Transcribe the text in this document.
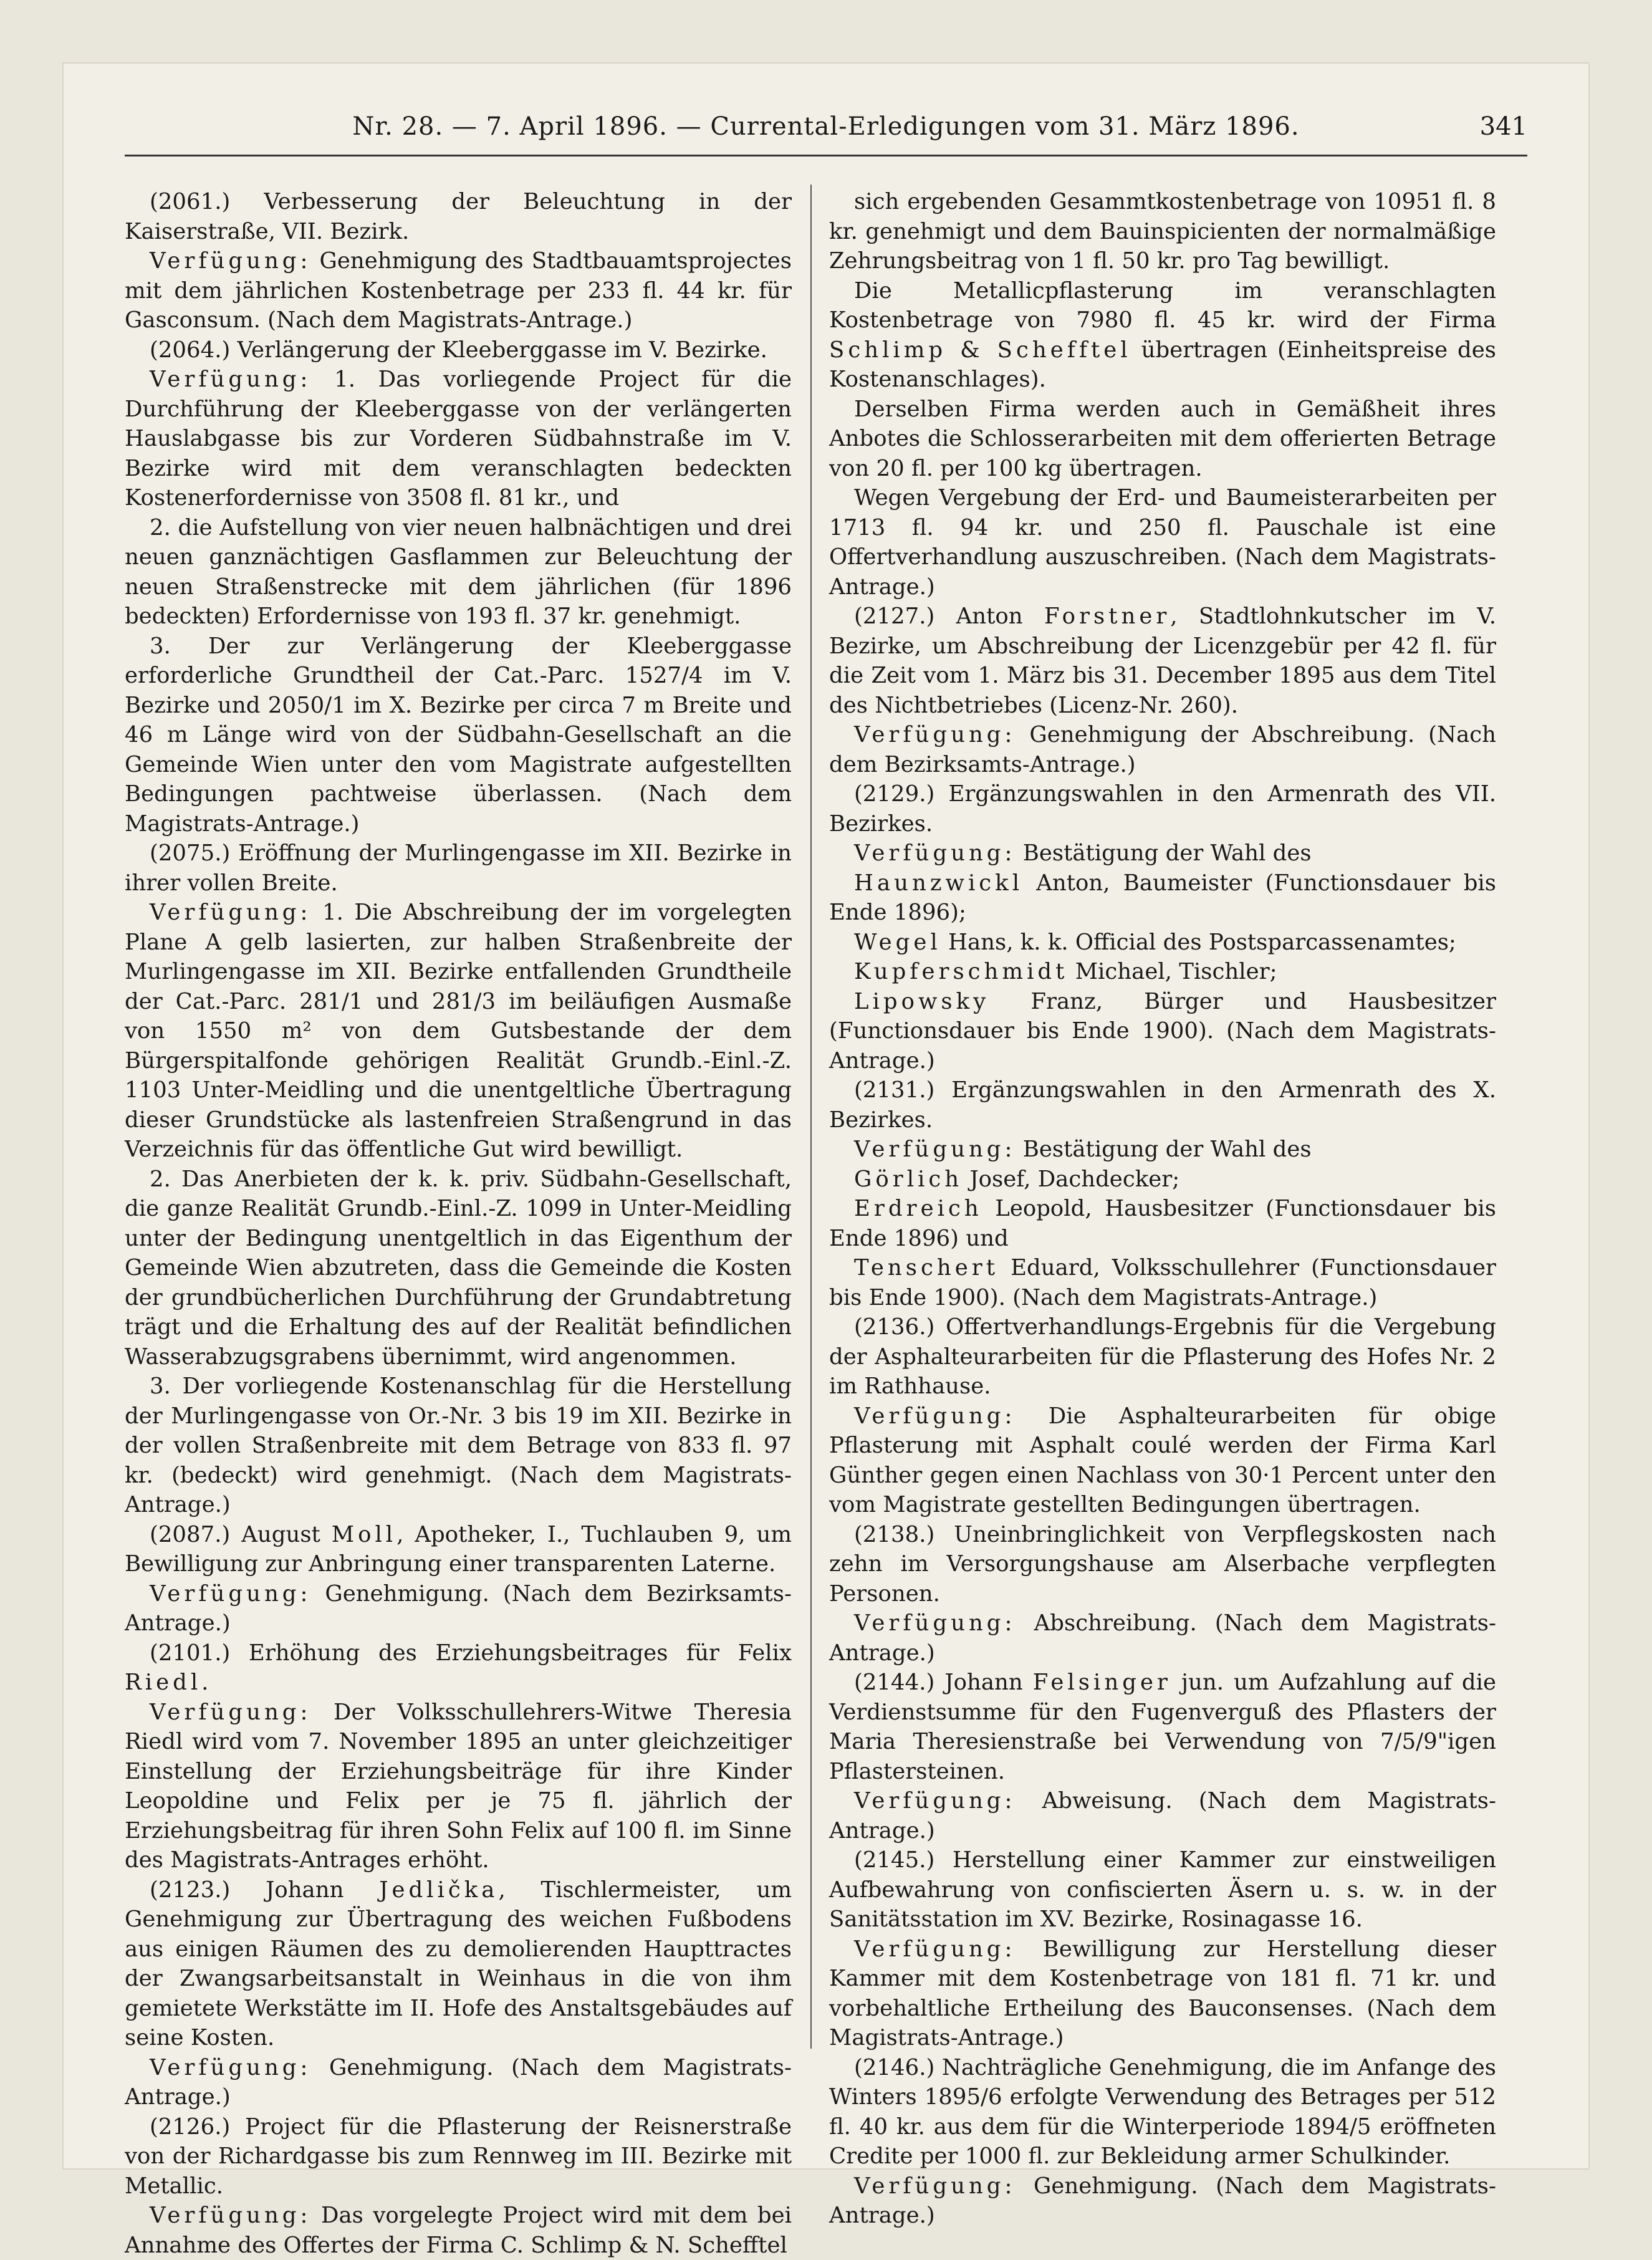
Nr. 28. — 7. April 1896. — Currental-Erledigungen vom 31. März 1896.	341

(2061.) Verbesserung der Beleuchtung in der Kaiserstraße, VII. Bezirk.

Verfügung: Genehmigung des Stadtbauamtsprojectes mit dem jährlichen Kostenbetrage per 233 fl. 44 kr. für Gasconsum. (Nach dem Magistrats-Antrage.)

(2064.) Verlängerung der Kleeberggasse im V. Bezirke.

Verfügung: 1. Das vorliegende Project für die Durchführung der Kleeberggasse von der verlängerten Hauslabgasse bis zur Vorderen Südbahnstraße im V. Bezirke wird mit dem veranschlagten bedeckten Kostenerfordernisse von 3508 fl. 81 kr., und

2. die Aufstellung von vier neuen halbnächtigen und drei neuen ganznächtigen Gasflammen zur Beleuchtung der neuen Straßenstrecke mit dem jährlichen (für 1896 bedeckten) Erfordernisse von 193 fl. 37 kr. genehmigt.

3. Der zur Verlängerung der Kleeberggasse erforderliche Grundtheil der Cat.-Parc. 1527/4 im V. Bezirke und 2050/1 im X. Bezirke per circa 7 m Breite und 46 m Länge wird von der Südbahn-Gesellschaft an die Gemeinde Wien unter den vom Magistrate aufgestellten Bedingungen pachtweise überlassen. (Nach dem Magistrats-Antrage.)

(2075.) Eröffnung der Murlingengasse im XII. Bezirke in ihrer vollen Breite.

Verfügung: 1. Die Abschreibung der im vorgelegten Plane A gelb lasierten, zur halben Straßenbreite der Murlingengasse im XII. Bezirke entfallenden Grundtheile der Cat.-Parc. 281/1 und 281/3 im beiläufigen Ausmaße von 1550 m² von dem Gutsbestande der dem Bürgerspitalfonde gehörigen Realität Grundb.-Einl.-Z. 1103 Unter-Meidling und die unentgeltliche Übertragung dieser Grundstücke als lastenfreien Straßengrund in das Verzeichnis für das öffentliche Gut wird bewilligt.

2. Das Anerbieten der k. k. priv. Südbahn-Gesellschaft, die ganze Realität Grundb.-Einl.-Z. 1099 in Unter-Meidling unter der Bedingung unentgeltlich in das Eigenthum der Gemeinde Wien abzutreten, dass die Gemeinde die Kosten der grundbücherlichen Durchführung der Grundabtretung trägt und die Erhaltung des auf der Realität befindlichen Wasserabzugsgrabens übernimmt, wird angenommen.

3. Der vorliegende Kostenanschlag für die Herstellung der Murlingengasse von Or.-Nr. 3 bis 19 im XII. Bezirke in der vollen Straßenbreite mit dem Betrage von 833 fl. 97 kr. (bedeckt) wird genehmigt. (Nach dem Magistrats-Antrage.)

(2087.) August Moll, Apotheker, I., Tuchlauben 9, um Bewilligung zur Anbringung einer transparenten Laterne.

Verfügung: Genehmigung. (Nach dem Bezirksamts-Antrage.)

(2101.) Erhöhung des Erziehungsbeitrages für Felix Riedl.

Verfügung: Der Volksschullehrers-Witwe Theresia Riedl wird vom 7. November 1895 an unter gleichzeitiger Einstellung der Erziehungsbeiträge für ihre Kinder Leopoldine und Felix per je 75 fl. jährlich der Erziehungsbeitrag für ihren Sohn Felix auf 100 fl. im Sinne des Magistrats-Antrages erhöht.

(2123.) Johann Jedlička, Tischlermeister, um Genehmigung zur Übertragung des weichen Fußbodens aus einigen Räumen des zu demolierenden Haupttractes der Zwangsarbeitsanstalt in Weinhaus in die von ihm gemietete Werkstätte im II. Hofe des Anstaltsgebäudes auf seine Kosten.

Verfügung: Genehmigung. (Nach dem Magistrats-Antrage.)

(2126.) Project für die Pflasterung der Reisnerstraße von der Richardgasse bis zum Rennweg im III. Bezirke mit Metallic.

Verfügung: Das vorgelegte Project wird mit dem bei Annahme des Offertes der Firma C. Schlimp & N. Schefftel

sich ergebenden Gesammtkostenbetrage von 10951 fl. 8 kr. genehmigt und dem Bauinspicienten der normalmäßige Zehrungsbeitrag von 1 fl. 50 kr. pro Tag bewilligt.

Die Metallicpflasterung im veranschlagten Kostenbetrage von 7980 fl. 45 kr. wird der Firma Schlimp & Schefftel übertragen (Einheitspreise des Kostenanschlages).

Derselben Firma werden auch in Gemäßheit ihres Anbotes die Schlosserarbeiten mit dem offerierten Betrage von 20 fl. per 100 kg übertragen.

Wegen Vergebung der Erd- und Baumeisterarbeiten per 1713 fl. 94 kr. und 250 fl. Pauschale ist eine Offertverhandlung auszuschreiben. (Nach dem Magistrats-Antrage.)

(2127.) Anton Forstner, Stadtlohnkutscher im V. Bezirke, um Abschreibung der Licenzgebür per 42 fl. für die Zeit vom 1. März bis 31. December 1895 aus dem Titel des Nichtbetriebes (Licenz-Nr. 260).

Verfügung: Genehmigung der Abschreibung. (Nach dem Bezirksamts-Antrage.)

(2129.) Ergänzungswahlen in den Armenrath des VII. Bezirkes.

Verfügung: Bestätigung der Wahl des

Haunzwickl Anton, Baumeister (Functionsdauer bis Ende 1896);

Wegel Hans, k. k. Official des Postsparcassenamtes;

Kupferschmidt Michael, Tischler;

Lipowsky Franz, Bürger und Hausbesitzer (Functionsdauer bis Ende 1900). (Nach dem Magistrats-Antrage.)

(2131.) Ergänzungswahlen in den Armenrath des X. Bezirkes.

Verfügung: Bestätigung der Wahl des

Görlich Josef, Dachdecker;

Erdreich Leopold, Hausbesitzer (Functionsdauer bis Ende 1896) und

Tenschert Eduard, Volksschullehrer (Functionsdauer bis Ende 1900). (Nach dem Magistrats-Antrage.)

(2136.) Offertverhandlungs-Ergebnis für die Vergebung der Asphalteurarbeiten für die Pflasterung des Hofes Nr. 2 im Rathhause.

Verfügung: Die Asphalteurarbeiten für obige Pflasterung mit Asphalt coulé werden der Firma Karl Günther gegen einen Nachlass von 30·1 Percent unter den vom Magistrate gestellten Bedingungen übertragen.

(2138.) Uneinbringlichkeit von Verpflegskosten nach zehn im Versorgungshause am Alserbache verpflegten Personen.

Verfügung: Abschreibung. (Nach dem Magistrats-Antrage.)

(2144.) Johann Felsinger jun. um Aufzahlung auf die Verdienstsumme für den Fugenverguß des Pflasters der Maria Theresienstraße bei Verwendung von 7/5/9"igen Pflastersteinen.

Verfügung: Abweisung. (Nach dem Magistrats-Antrage.)

(2145.) Herstellung einer Kammer zur einstweiligen Aufbewahrung von confiscierten Äsern u. s. w. in der Sanitätsstation im XV. Bezirke, Rosinagasse 16.

Verfügung: Bewilligung zur Herstellung dieser Kammer mit dem Kostenbetrage von 181 fl. 71 kr. und vorbehaltliche Ertheilung des Bauconsenses. (Nach dem Magistrats-Antrage.)

(2146.) Nachträgliche Genehmigung, die im Anfange des Winters 1895/6 erfolgte Verwendung des Betrages per 512 fl. 40 kr. aus dem für die Winterperiode 1894/5 eröffneten Credite per 1000 fl. zur Bekleidung armer Schulkinder.

Verfügung: Genehmigung. (Nach dem Magistrats-Antrage.)
